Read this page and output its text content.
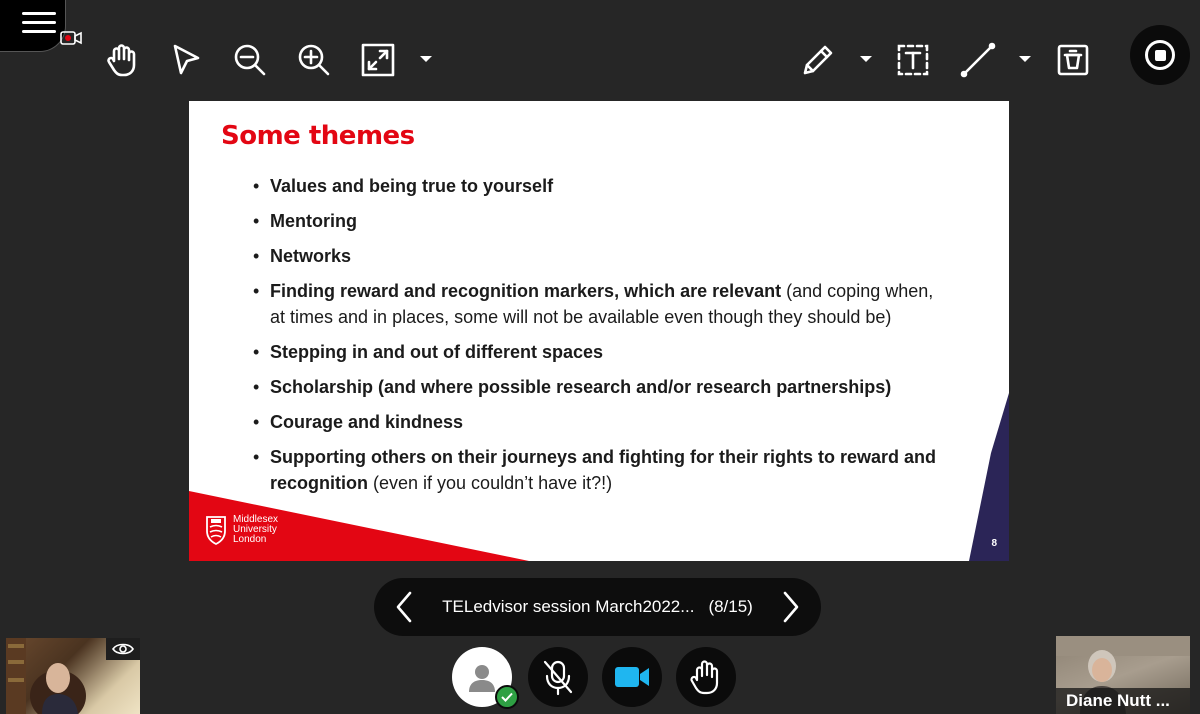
Some themes
• Values and being true to yourself
• Mentoring
• Networks
• Finding reward and recognition markers, which are relevant (and coping when, at times and in places, some will not be available even though they should be)
• Stepping in and out of different spaces
• Scholarship (and where possible research and/or research partnerships)
• Courage and kindness
• Supporting others on their journeys and fighting for their rights to reward and recognition (even if you couldn’t have it?!)
Middlesex
University
London	8
TELedvisor session March2022... (8/15)
Diane Nutt ...
